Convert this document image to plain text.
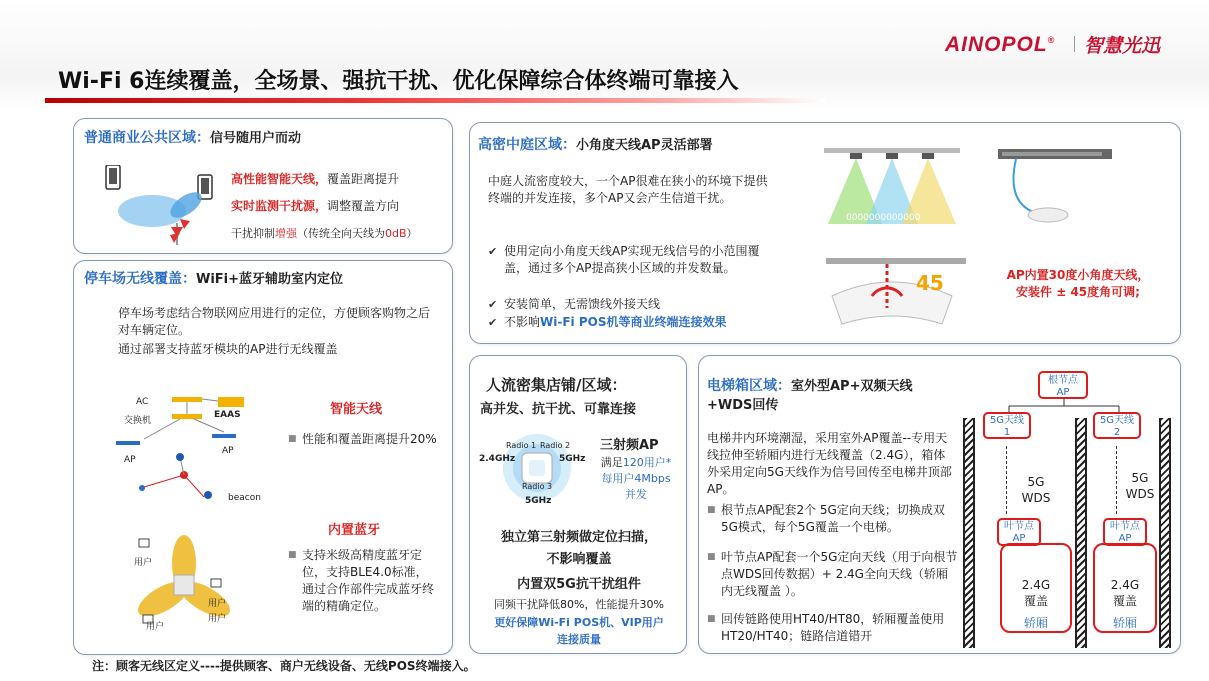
AINOPOL® 智慧光迅
Wi-Fi 6连续覆盖，全场景、强抗干扰、优化保障综合体终端可靠接入
普通商业公共区域：信号随用户而动
高性能智能天线，覆盖距离提升
实时监测干扰源，调整覆盖方向
干扰抑制增强（传统全向天线为0dB）
停车场无线覆盖：WiFi+蓝牙辅助室内定位
停车场考虑结合物联网应用进行的定位，方便顾客购物之后对车辆定位。
通过部署支持蓝牙模块的AP进行无线覆盖
AC
交换机
EAAS
AP
AP
beacon
智能天线
■ 性能和覆盖距离提升20%
用户
用户
用户
用户
内置蓝牙
■ 支持米级高精度蓝牙定位，支持BLE4.0标准，通过合作部件完成蓝牙终端的精确定位。
高密中庭区域：小角度天线AP灵活部署
中庭人流密度较大，一个AP很难在狭小的环境下提供终端的并发连接，多个AP又会产生信道干扰。
✔ 使用定向小角度天线AP实现无线信号的小范围覆盖，通过多个AP提高狭小区域的并发数量。
✔ 安装简单，无需馈线外接天线
✔ 不影响Wi-Fi POS机等商业终端连接效果
0000000000000
45	AP内置30度小角度天线，
安装件 ± 45度角可调;
人流密集店铺/区域：
高并发、抗干扰、可靠连接
Radio 1 Radio 2
Radio 3
2.4GHz	5GHz
5GHz
三射频AP
满足120用户*
每用户4Mbps
并发
独立第三射频做定位扫描，
不影响覆盖
内置双5G抗干扰组件
同频干扰降低80%，性能提升30%
更好保障Wi-Fi POS机、VIP用户
连接质量
电梯箱区域：室外型AP+双频天线
+WDS回传
电梯井内环境潮湿，采用室外AP覆盖--专用天线拉伸至轿厢内进行无线覆盖（2.4G），箱体外采用定向5G天线作为信号回传至电梯井顶部AP。
■ 根节点AP配套2个 5G定向天线；切换成双5G模式，每个5G覆盖一个电梯。
■ 叶节点AP配套一个5G定向天线（用于向根节点WDS回传数据）+ 2.4G全向天线（轿厢内无线覆盖 ）。
■ 回传链路使用HT40/HT80，轿厢覆盖使用HT20/HT40；链路信道错开
根节点AP
5G天线1
5G天线2
5G WDS
5G WDS
叶节点 AP
叶节点 AP
2.4G 覆盖
轿厢
2.4G 覆盖
轿厢
注：顾客无线区定义----提供顾客、商户无线设备、无线POS终端接入。
